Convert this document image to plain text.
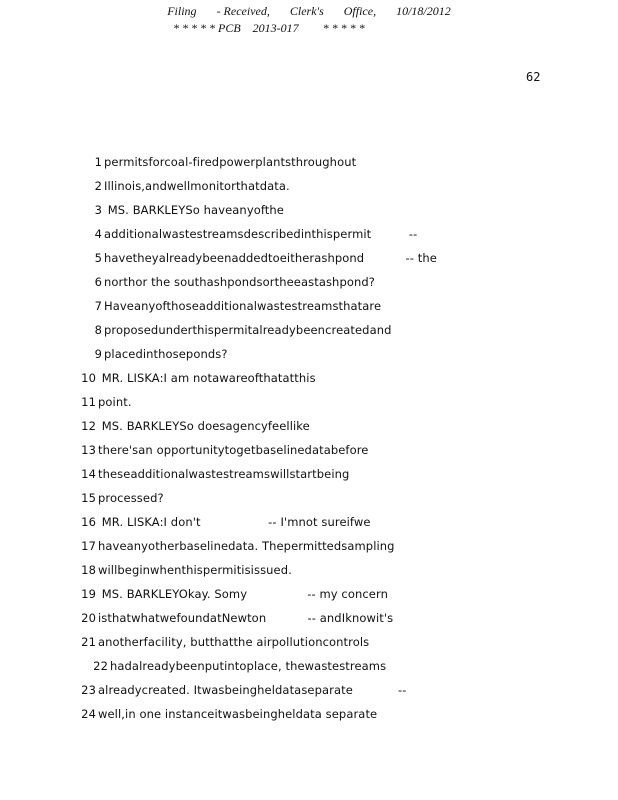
Filing - Received, Clerk's Office, 10/18/2012
* * * * * PCB    2013-017        * * * * *
62
1 permitsforcoal-firedpowerplantsthroughout
2 Illinois,andwellmonitorthatdata.
3 MS. BARKLEYSo haveanyofthe
4 additionalwastestreamsdescribedinthispermit          --
5 havetheyalreadybeenaddedtoeitherashpond           -- the
6 northor the southashpondsortheeastashpond?
7 Haveanyofthoseadditionalwastestreamsthatare
8 proposedunderthispermitalreadybeencreatedand
9 placedinthoseponds?
10 MR. LISKA:I am notawareofthatatthis
11 point.
12 MS. BARKLEYSo doesagencyfeellike
13 there'san opportunitytogetbaselinedatabefore
14 theseadditionalwastestreamswillstartbeing
15 processed?
16 MR. LISKA:I don't                  -- I'mnot sureifwe
17 haveanyotherbaselinedata. Thepermittedsampling
18 willbeginwhenthispermitisissued.
19 MS. BARKLEYOkay. Somy                -- my concern
20 isthatwhatwefoundatNewton           -- andIknowit's
21 anotherfacility, butthatthe airpollutioncontrols
22 hadalreadybeenputintoplace, thewastestreams
23 alreadycreated. Itwasbeingheldataseparate            --
24 well,in one instanceitwasbeingheldata separate
